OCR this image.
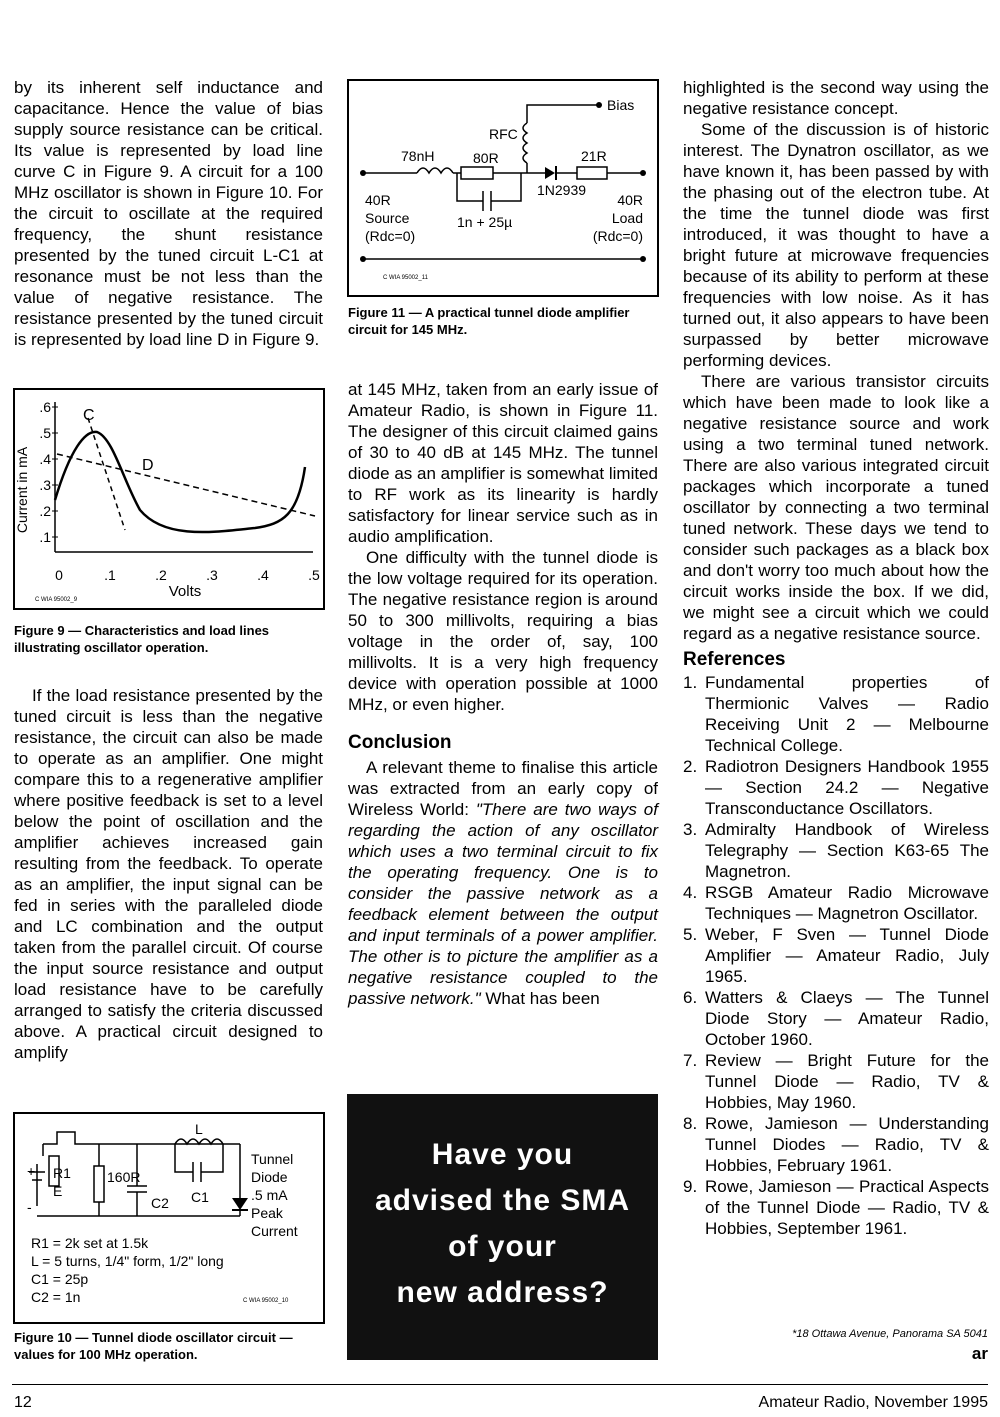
by its inherent self inductance and capacitance. Hence the value of bias supply source resistance can be critical. Its value is represented by load line curve C in Figure 9. A circuit for a 100 MHz oscillator is shown in Figure 10. For the circuit to oscillate at the required frequency, the shunt resistance presented by the tuned circuit L-C1 at resonance must be not less than the value of negative resistance. The resistance presented by the tuned circuit is represented by load line D in Figure 9.

Current in mA
.6
.5
.4
.3
.2
.1
0	.1	.2	.3	.4	.5
C
D
Volts
C WIA 95002_9
Figure 9 — Characteristics and load lines illustrating oscillator operation.

If the load resistance presented by the tuned circuit is less than the negative resistance, the circuit can also be made to operate as an amplifier. One might compare this to a regenerative amplifier where positive feedback is set to a level below the point of oscillation and the amplifier achieves increased gain resulting from the feedback. To operate as an amplifier, the input signal can be fed in series with the paralleled diode and LC combination and the output taken from the parallel circuit. Of course the input source resistance and output load resistance have to be carefully arranged to satisfy the criteria discussed above. A practical circuit designed to amplify

+
-
R1
E
160R
C2 C1
L
Tunnel
Diode
.5 mA
Peak
Current
R1 = 2k set at 1.5k
L = 5 turns, 1/4" form, 1/2" long
C1 = 25p
C2 = 1n	C WIA 95002_10
Figure 10 — Tunnel diode oscillator circuit — values for 100 MHz operation.
Bias
RFC
78nH	80R	21R
1N2939
40R
Source
(Rdc=0)
1n + 25µ
40R
Load
(Rdc=0)
C WIA 95002_11
Figure 11 — A practical tunnel diode amplifier circuit for 145 MHz.

at 145 MHz, taken from an early issue of Amateur Radio, is shown in Figure 11. The designer of this circuit claimed gains of 30 to 40 dB at 145 MHz. The tunnel diode as an amplifier is somewhat limited to RF work as its linearity is hardly satisfactory for linear service such as in audio amplification.

One difficulty with the tunnel diode is the low voltage required for its operation. The negative resistance region is around 50 to 300 millivolts, requiring a bias voltage in the order of, say, 100 millivolts. It is a very high frequency device with operation possible at 1000 MHz, or even higher.

Conclusion

A relevant theme to finalise this article was extracted from an early copy of Wireless World: "There are two ways of regarding the action of any oscillator which uses a two terminal circuit to fix the operating frequency. One is to consider the passive network as a feedback element between the output and input terminals of a power amplifier. The other is to picture the amplifier as a negative resistance coupled to the passive network." What has been

Have you
advised the SMA
of your
new address?

highlighted is the second way using the negative resistance concept.

Some of the discussion is of historic interest. The Dynatron oscillator, as we have known it, has been passed by with the phasing out of the electron tube. At the time the tunnel diode was first introduced, it was thought to have a bright future at microwave frequencies because of its ability to perform at these frequencies with low noise. As it has turned out, it also appears to have been surpassed by better microwave performing devices.

There are various transistor circuits which have been made to look like a negative resistance source and work using a two terminal tuned network. There are also various integrated circuit packages which incorporate a tuned oscillator by connecting a two terminal tuned network. These days we tend to consider such packages as a black box and don't worry too much about how the circuit works inside the box. If we did, we might see a circuit which we could regard as a negative resistance source.

References
1. Fundamental properties of Thermionic Valves — Radio Receiving Unit 2 — Melbourne Technical College.
2. Radiotron Designers Handbook 1955 — Section 24.2 — Negative Transconductance Oscillators.
3. Admiralty Handbook of Wireless Telegraphy — Section K63-65 The Magnetron.
4. RSGB Amateur Radio Microwave Techniques — Magnetron Oscillator.
5. Weber, F Sven — Tunnel Diode Amplifier — Amateur Radio, July 1965.
6. Watters & Claeys — The Tunnel Diode Story — Amateur Radio, October 1960.
7. Review — Bright Future for the Tunnel Diode — Radio, TV & Hobbies, May 1960.
8. Rowe, Jamieson — Understanding Tunnel Diodes — Radio, TV & Hobbies, February 1961.
9. Rowe, Jamieson — Practical Aspects of the Tunnel Diode — Radio, TV & Hobbies, September 1961.
*18 Ottawa Avenue, Panorama SA 5041
ar
12	Amateur Radio, November 1995
